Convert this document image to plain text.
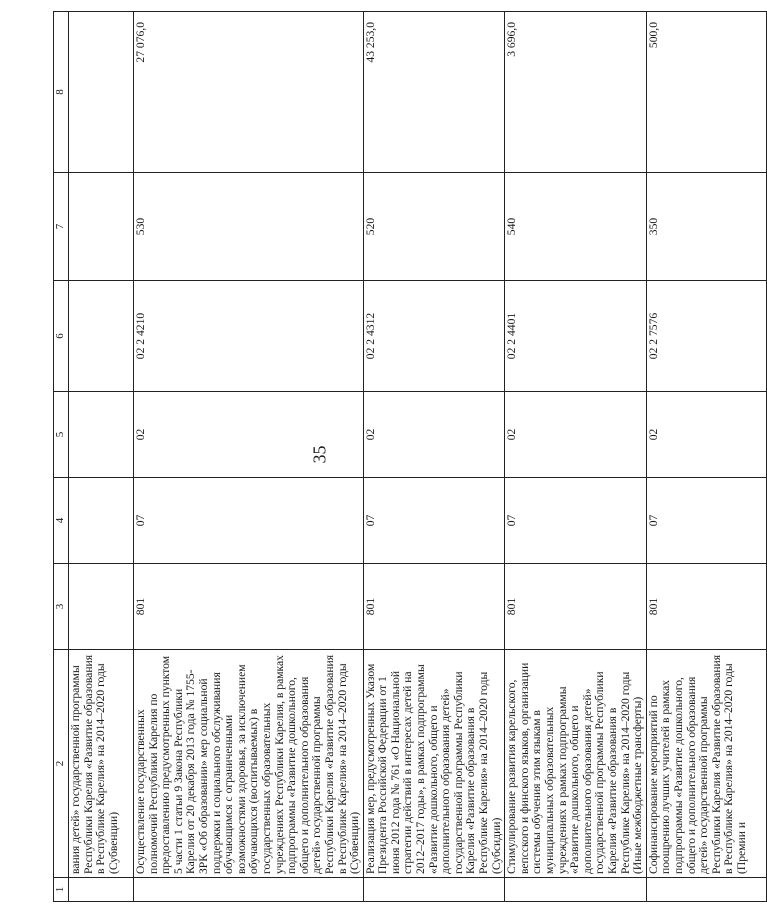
35
1	2	3	4	5	6	7	8
	вания детей» государственной программы Республики Карелия «Развитие образования в Республике Карелия» на 2014–2020 годы (Субвенции)						
	Осуществление государственных полномочий Республики Карелия по предоставлению предусмотренных пунктом 5 части 1 статьи 9 Закона Республики Карелия от 20 декабря 2013 года № 1755-ЗРК «Об образовании» мер социальной поддержки и социального обслуживания обучающимся с ограниченными возможностями здоровья, за исключением обучающихся (воспитываемых) в государственных образовательных учреждениях Республики Карелия, в рамках подпрограммы «Развитие дошкольного, общего и дополнительного образования детей» государственной программы Республики Карелия «Развитие образования в Республике Карелия» на 2014–2020 годы (Субвенции)	801	07	02	02 2 4210	530	27 076,0
	Реализация мер, предусмотренных Указом Президента Российской Федерации от 1 июня 2012 года № 761 «О Национальной стратегии действий в интересах детей на 2012–2017 годы», в рамках подпрограммы «Развитие дошкольного, общего и дополнительного образования детей» государственной программы Республики Карелия «Развитие образования в Республике Карелия» на 2014–2020 годы (Субсидии)	801	07	02	02 2 4312	520	43 253,0
	Стимулирование развития карельского, вепсского и финского языков, организации системы обучения этим языкам в муниципальных образовательных учреждениях в рамках подпрограммы «Развитие дошкольного, общего и дополнительного образования детей» государственной программы Республики Карелия «Развитие образования в Республике Карелия» на 2014–2020 годы (Иные межбюджетные трансферты)	801	07	02	02 2 4401	540	3 696,0
	Софинансирование мероприятий по поощрению лучших учителей в рамках подпрограммы «Развитие дошкольного, общего и дополнительного образования детей» государственной программы Республики Карелия «Развитие образования в Республике Карелия» на 2014–2020 годы (Премии и	801	07	02	02 2 7576	350	500,0
